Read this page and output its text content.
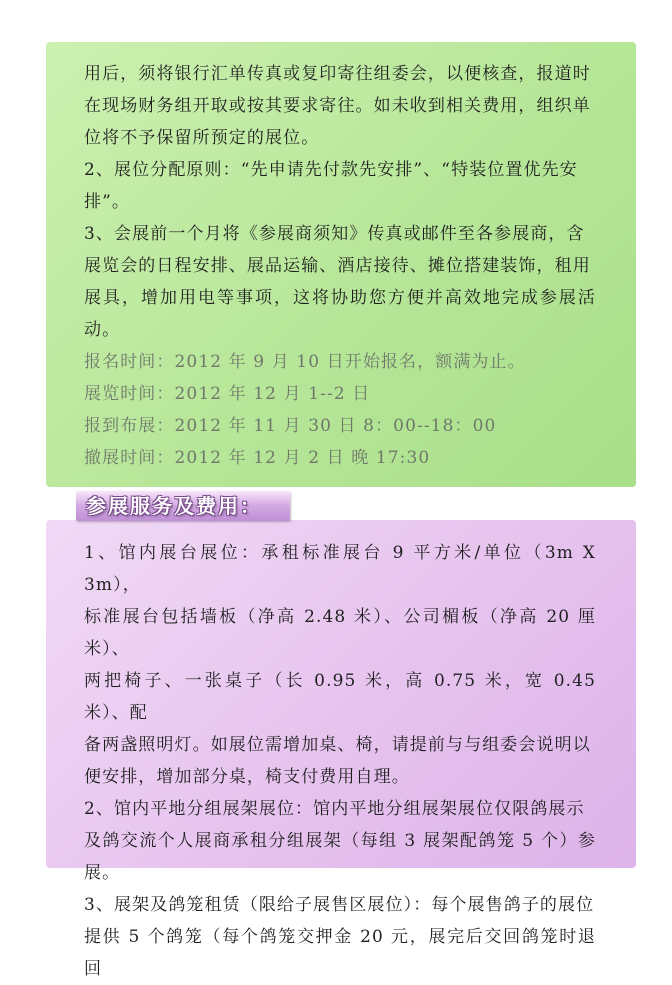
用后，须将银行汇单传真或复印寄往组委会，以便核查，报道时

在现场财务组开取或按其要求寄往。如未收到相关费用，组织单

位将不予保留所预定的展位。

2、展位分配原则：“先申请先付款先安排”、“特装位置优先安

排”。

3、会展前一个月将《参展商须知》传真或邮件至各参展商，含

展览会的日程安排、展品运输、酒店接待、摊位搭建装饰，租用

展具，增加用电等事项，这将协助您方便并高效地完成参展活动。

报名时间：2012 年 9 月 10 日开始报名，额满为止。

展览时间：2012 年 12 月 1--2 日

报到布展：2012 年 11 月 30 日 8：00--18：00

撤展时间：2012 年 12 月 2 日 晚 17:30

参展服务及费用：

1、馆内展台展位：承租标准展台 9 平方米/单位（3m X 3m），

标准展台包括墙板（净高 2.48 米）、公司楣板（净高 20 厘米）、

两把椅子、一张桌子（长 0.95 米，高 0.75 米，宽 0.45 米）、配

备两盏照明灯。如展位需增加桌、椅，请提前与与组委会说明以

便安排，增加部分桌，椅支付费用自理。

2、馆内平地分组展架展位：馆内平地分组展架展位仅限鸽展示

及鸽交流个人展商承租分组展架（每组 3 展架配鸽笼 5 个）参展。

3、展架及鸽笼租赁（限给子展售区展位）：每个展售鸽子的展位

提供 5 个鸽笼（每个鸽笼交押金 20 元，展完后交回鸽笼时退回
